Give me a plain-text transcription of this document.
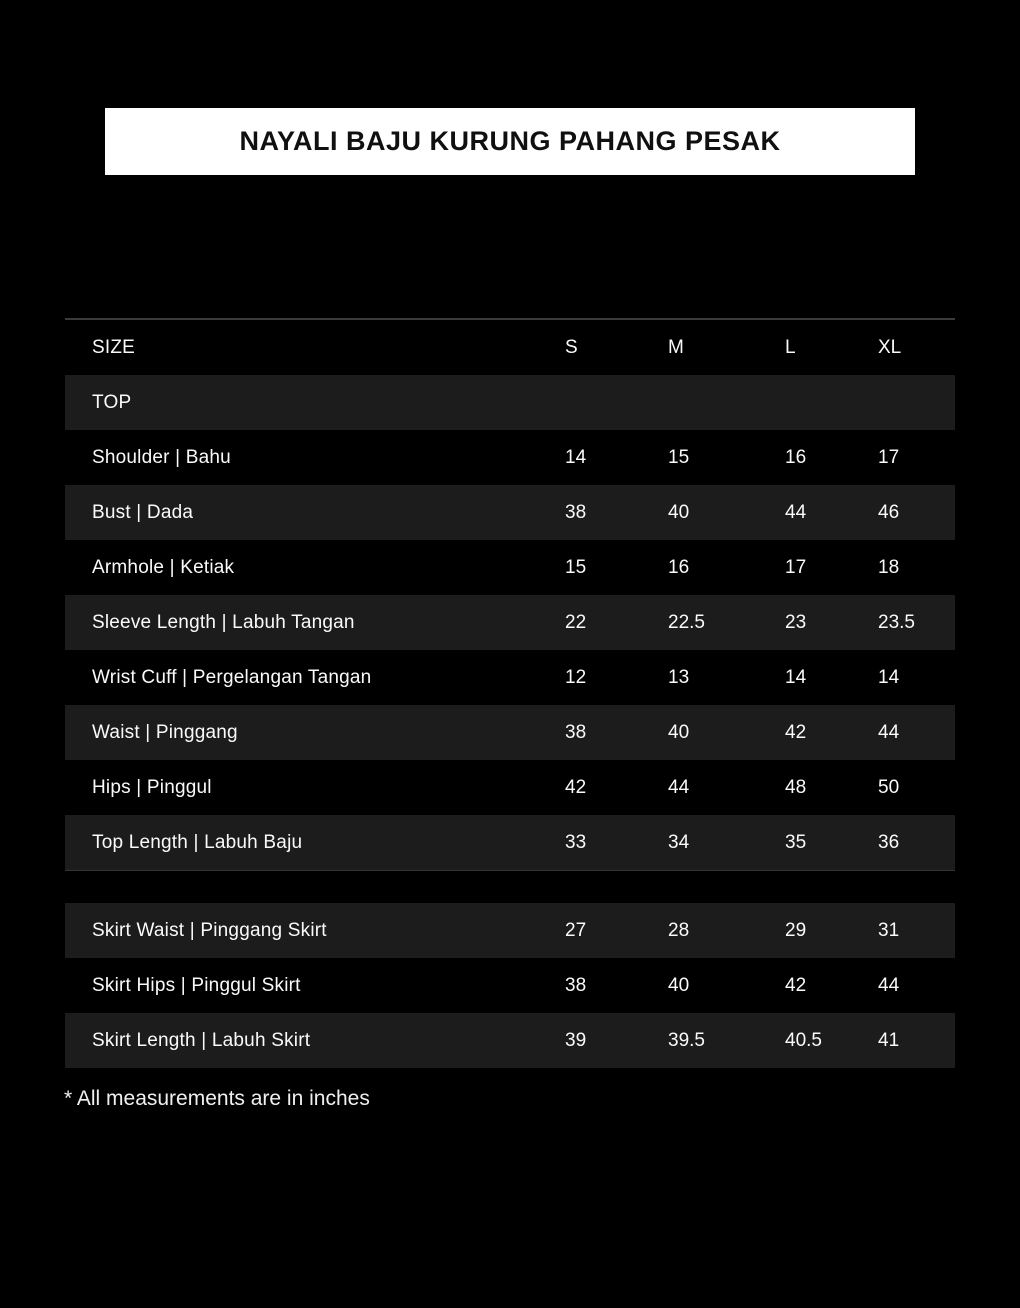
NAYALI BAJU KURUNG PAHANG PESAK
SIZE	S	M	L	XL
TOP
Shoulder | Bahu	14	15	16	17
Bust | Dada	38	40	44	46
Armhole | Ketiak	15	16	17	18
Sleeve Length | Labuh Tangan	22	22.5	23	23.5
Wrist Cuff | Pergelangan Tangan	12	13	14	14
Waist | Pinggang	38	40	42	44
Hips | Pinggul	42	44	48	50
Top Length | Labuh Baju	33	34	35	36
Skirt Waist | Pinggang Skirt	27	28	29	31
Skirt Hips | Pinggul Skirt	38	40	42	44
Skirt Length | Labuh Skirt	39	39.5	40.5	41
* All measurements are in inches
